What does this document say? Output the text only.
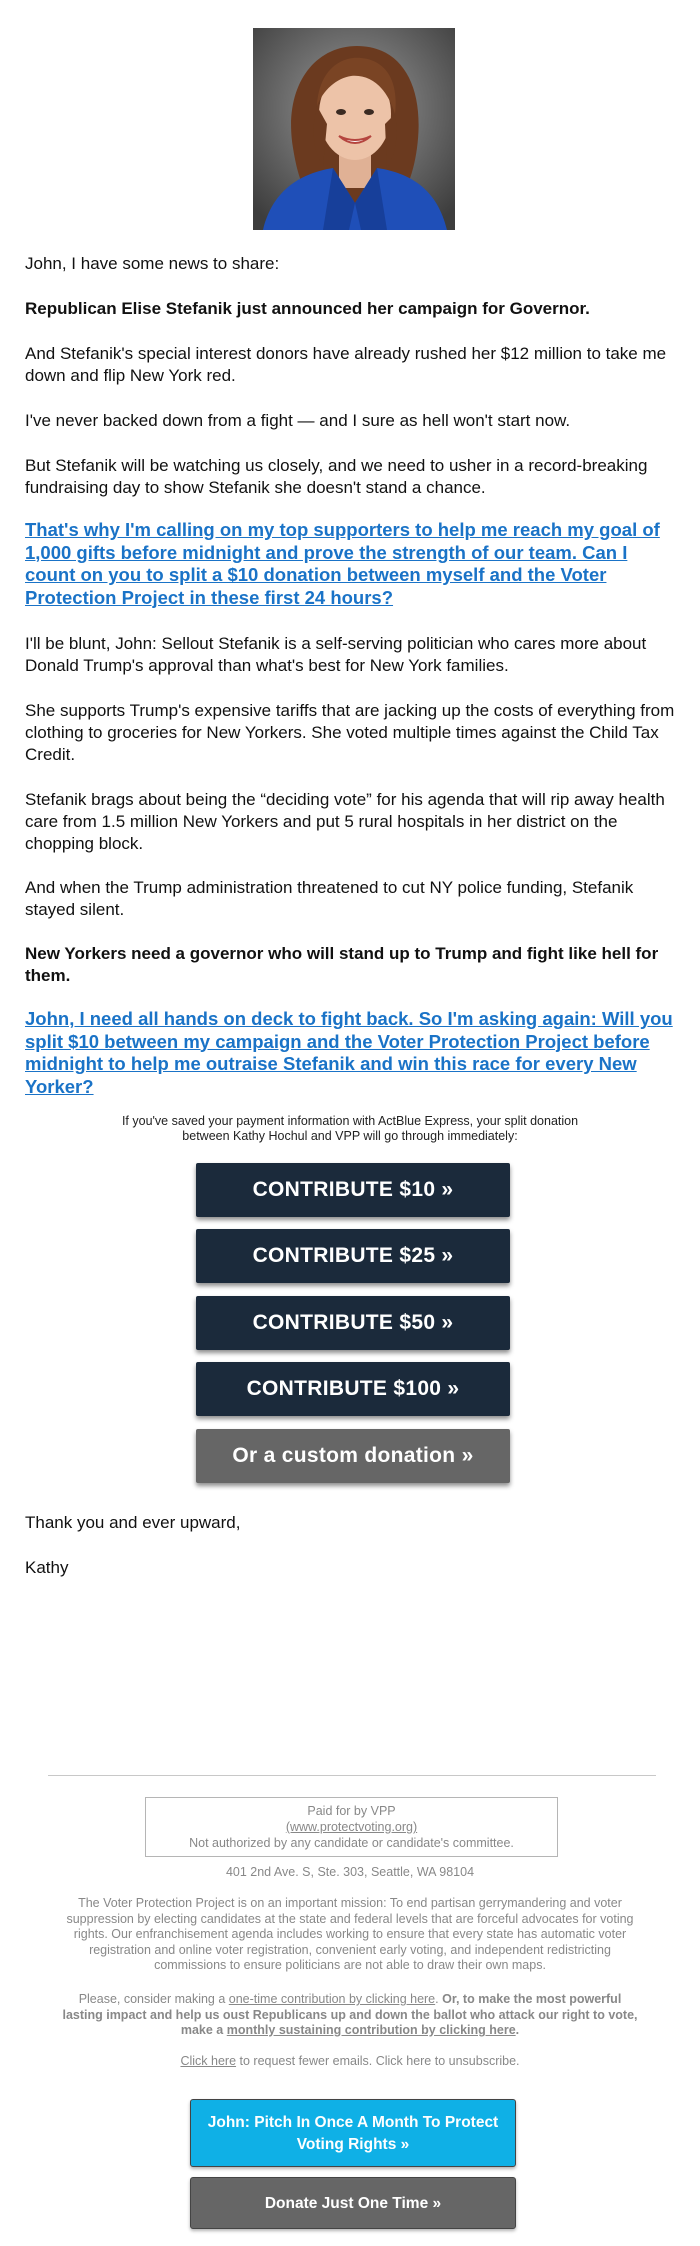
John, I have some news to share:

Republican Elise Stefanik just announced her campaign for Governor.

And Stefanik's special interest donors have already rushed her $12 million to take me down and flip New York red.

I've never backed down from a fight — and I sure as hell won't start now.

But Stefanik will be watching us closely, and we need to usher in a record-breaking fundraising day to show Stefanik she doesn't stand a chance.

That's why I'm calling on my top supporters to help me reach my goal of 1,000 gifts before midnight and prove the strength of our team. Can I count on you to split a $10 donation between myself and the Voter Protection Project in these first 24 hours?

I'll be blunt, John: Sellout Stefanik is a self-serving politician who cares more about Donald Trump's approval than what's best for New York families.

She supports Trump's expensive tariffs that are jacking up the costs of everything from clothing to groceries for New Yorkers. She voted multiple times against the Child Tax Credit.

Stefanik brags about being the “deciding vote” for his agenda that will rip away health care from 1.5 million New Yorkers and put 5 rural hospitals in her district on the chopping block.

And when the Trump administration threatened to cut NY police funding, Stefanik stayed silent.

New Yorkers need a governor who will stand up to Trump and fight like hell for them.

John, I need all hands on deck to fight back. So I'm asking again: Will you split $10 between my campaign and the Voter Protection Project before midnight to help me outraise Stefanik and win this race for every New Yorker?

If you've saved your payment information with ActBlue Express, your split donation between Kathy Hochul and VPP will go through immediately:

CONTRIBUTE $10 »
CONTRIBUTE $25 »
CONTRIBUTE $50 »
CONTRIBUTE $100 »
Or a custom donation »

Thank you and ever upward,

Kathy

Paid for by VPP
(www.protectvoting.org)
Not authorized by any candidate or candidate's committee.

401 2nd Ave. S, Ste. 303, Seattle, WA 98104

The Voter Protection Project is on an important mission: To end partisan gerrymandering and voter suppression by electing candidates at the state and federal levels that are forceful advocates for voting rights. Our enfranchisement agenda includes working to ensure that every state has automatic voter registration and online voter registration, convenient early voting, and independent redistricting commissions to ensure politicians are not able to draw their own maps.

Please, consider making a one-time contribution by clicking here. Or, to make the most powerful lasting impact and help us oust Republicans up and down the ballot who attack our right to vote, make a monthly sustaining contribution by clicking here.

Click here to request fewer emails. Click here to unsubscribe.

John: Pitch In Once A Month To Protect Voting Rights »
Donate Just One Time »
